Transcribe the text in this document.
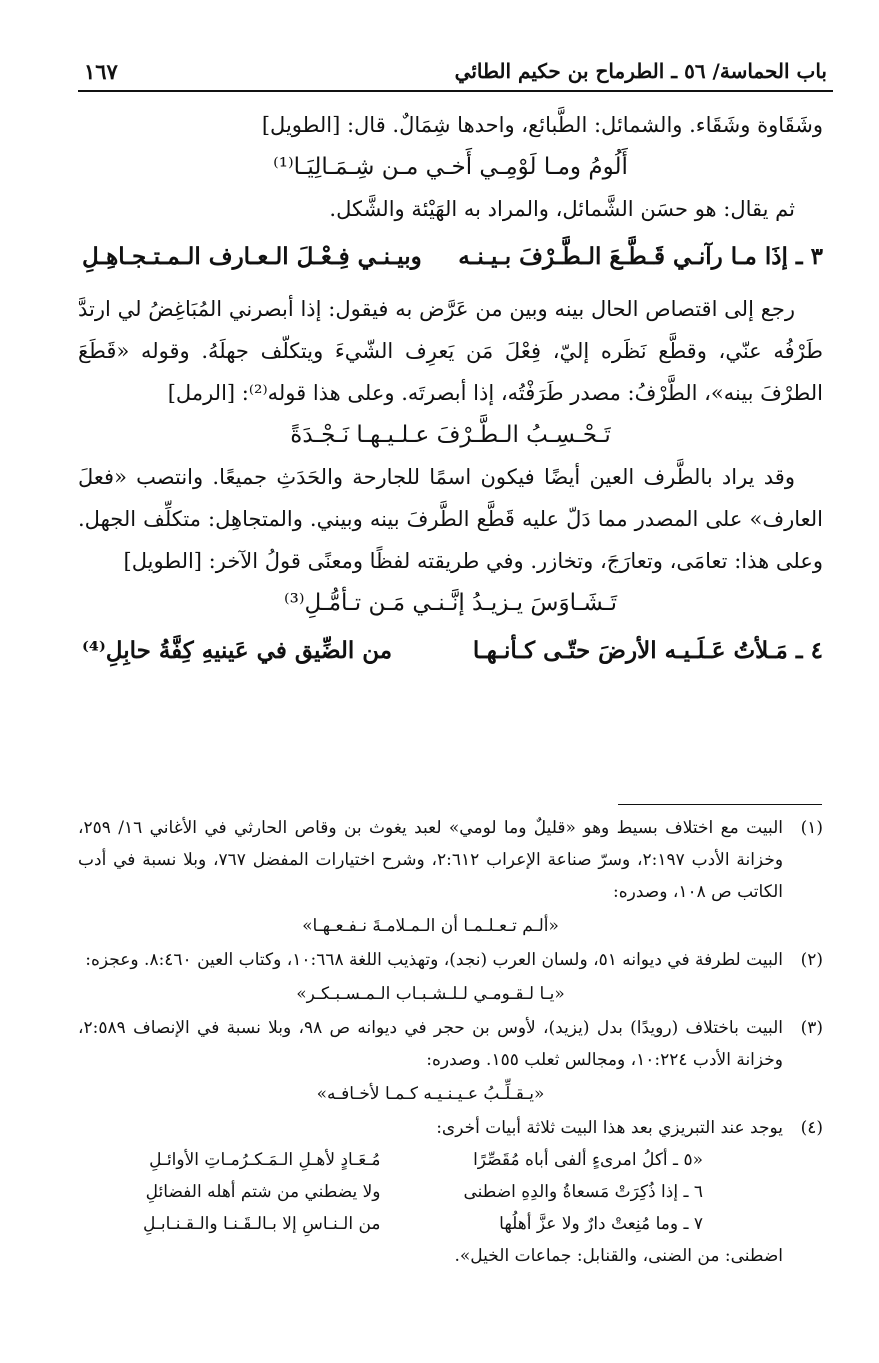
باب الحماسة/ ٥٦ ـ الطرماح بن حكيم الطائي
١٦٧

وشَقَاوة وشَقَاء. والشمائل: الطَّبائع، واحدها شِمَالٌ. قال: [الطويل]

أَلُومُ ومـا لَوْمِـي أَخـي مـن شِـمَـالِيَـا⁽¹⁾

ثم يقال: هو حسَن الشَّمائل، والمراد به الهَيْئة والشَّكل.

٣ ـ إذَا مـا رآنـي قَـطَّـعَ الـطَّـرْفَ بـيـنـه
وبيـنـي فِـعْـلَ الـعـارف الـمـتـجـاهِـلِ

رجع إلى اقتصاص الحال بينه وبين من عَرَّض به فيقول: إذا أبصرني المُبَاغِضُ لي ارتدَّ طَرْفُه عنّي، وقطَّع نَظَره إليّ، فِعْلَ مَن يَعرِف الشّيءَ ويتكلّف جهلَهُ. وقوله «قَطَعَ الطرْفَ بينه»، الطَّرْفُ: مصدر طَرَفْتُه، إذا أبصرتَه. وعلى هذا قوله⁽²⁾: [الرمل]

تَـحْـسِـبُ الـطَّـرْفَ عـلـيـهـا نَـجْـدَةً

وقد يراد بالطَّرف العين أيضًا فيكون اسمًا للجارحة والحَدَثِ جميعًا. وانتصب «فعلَ العارف» على المصدر مما دَلّ عليه قَطَّع الطَّرفَ بينه وبيني. والمتجاهِل: متكلِّف الجهل. وعلى هذا: تعامَى، وتعارَجَ، وتخازر. وفي طريقته لفظًا ومعنًى قولُ الآخر: [الطويل]

تَـشَـاوَسَ يـزيـدُ إنَّـنـي مَـن تـأمُّـلِ⁽³⁾

٤ ـ مَـلأتُ عَـلَـيـه الأرضَ حتّـى كـأنـهـا
من الضِّيق في عَينيهِ كِفَّةُ حابِلِ⁽⁴⁾
(١)
البيت مع اختلاف بسيط وهو «قليلٌ وما لومي» لعبد يغوث بن وقاص الحارثي في الأغاني ١٦/ ٢٥٩، وخزانة الأدب ٢:١٩٧، وسرّ صناعة الإعراب ٢:٦١٢، وشرح اختيارات المفضل ٧٦٧، وبلا نسبة في أدب الكاتب ص ١٠٨، وصدره:
«ألـم تـعـلـمـا أن الـمـلامـةَ نـفـعـهـا»
(٢)
البيت لطرفة في ديوانه ٥١، ولسان العرب (نجد)، وتهذيب اللغة ١٠:٦٦٨، وكتاب العين ٨:٤٦٠. وعجزه:
«يـا لـقـومـي لـلـشـبـاب الـمـسـبـكـر»
(٣)
البيت باختلاف (رويدًا) بدل (يزيد)، لأوس بن حجر في ديوانه ص ٩٨، وبلا نسبة في الإنصاف ٢:٥٨٩، وخزانة الأدب ١٠:٢٢٤، ومجالس ثعلب ١٥٥. وصدره:
«يـقـلِّـبُ عـيـنـيـه كـمـا لأخـافـه»
(٤)
يوجد عند التبريزي بعد هذا البيت ثلاثة أبيات أخرى:
«٥ ـ أكلُ امرىءٍ ألفى أباه مُقَصِّرًا
مُـعَـادٍ لأهـلِ الـمَـكـرُمـاتِ الأوائـلِ
٦ ـ إذا ذُكِرَتْ مَسعاةُ والدِهِ اضطنى
ولا يضطني من شتم أهله الفضائلِ
٧ ـ وما مُنِعتْ دارٌ ولا عزَّ أهلُها
من الـنـاسِ إلا بـالـقَـنـا والـقـنـابـلِ
اضطنى: من الضنى، والقنابل: جماعات الخيل».
